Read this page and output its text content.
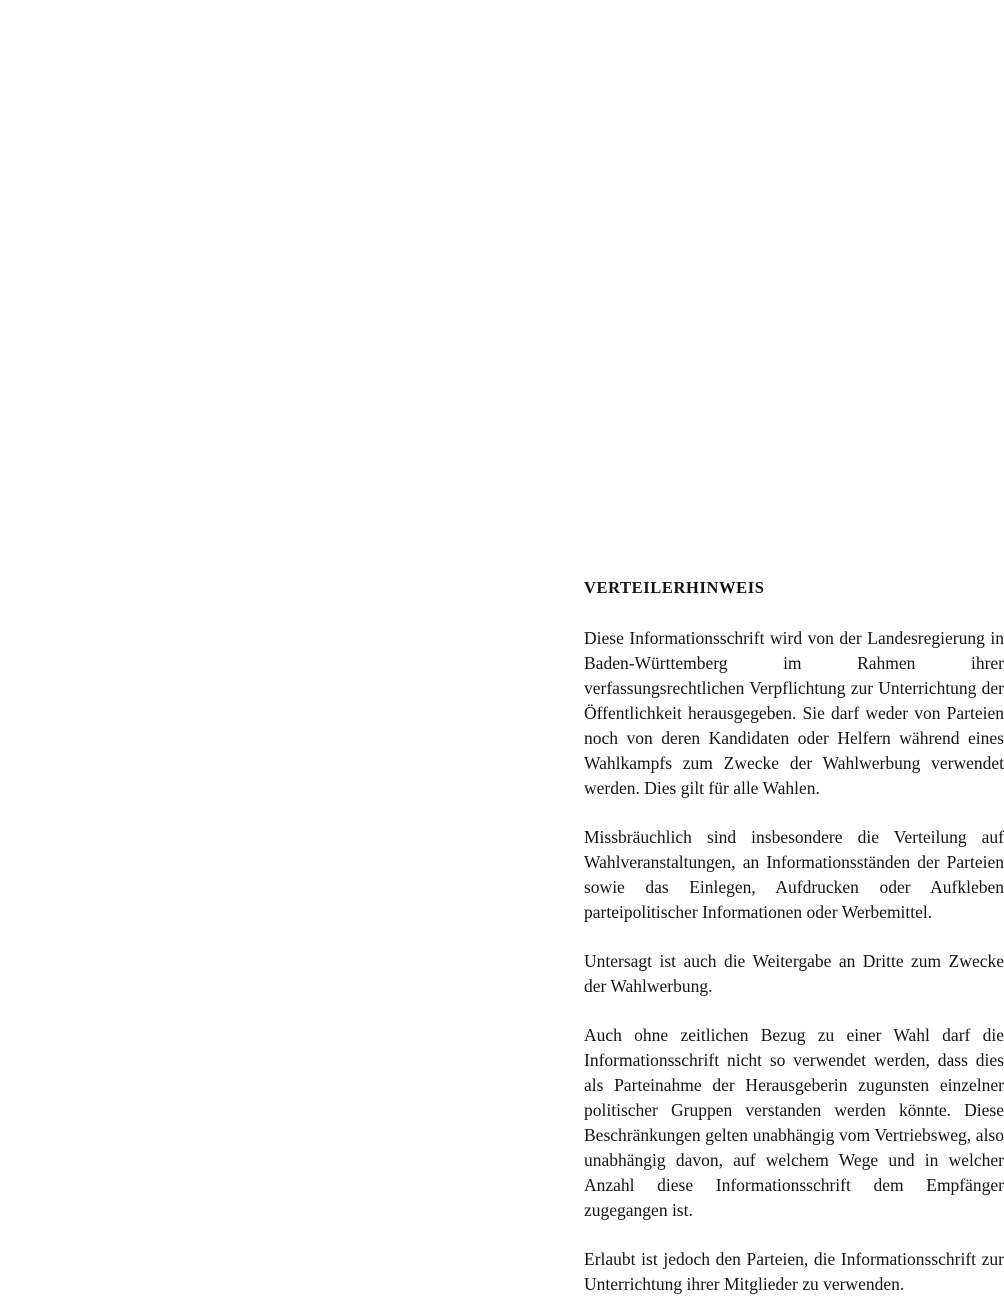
VERTEILERHINWEIS

Diese Informationsschrift wird von der Landesregierung in Baden-Württemberg im Rahmen ihrer verfassungsrechtlichen Verpflichtung zur Unterrichtung der Öffentlichkeit herausgegeben. Sie darf weder von Parteien noch von deren Kandidaten oder Helfern während eines Wahlkampfs zum Zwecke der Wahlwerbung verwendet werden. Dies gilt für alle Wahlen.

Missbräuchlich sind insbesondere die Verteilung auf Wahlveranstaltungen, an Informationsständen der Parteien sowie das Einlegen, Aufdrucken oder Aufkleben parteipolitischer Informationen oder Werbemittel.

Untersagt ist auch die Weitergabe an Dritte zum Zwecke der Wahlwerbung.

Auch ohne zeitlichen Bezug zu einer Wahl darf die Informationsschrift nicht so verwendet werden, dass dies als Parteinahme der Herausgeberin zugunsten einzelner politischer Gruppen verstanden werden könnte. Diese Beschränkungen gelten unabhängig vom Vertriebsweg, also unabhängig davon, auf welchem Wege und in welcher Anzahl diese Informationsschrift dem Empfänger zugegangen ist.

Erlaubt ist jedoch den Parteien, die Informationsschrift zur Unterrichtung ihrer Mitglieder zu verwenden.
